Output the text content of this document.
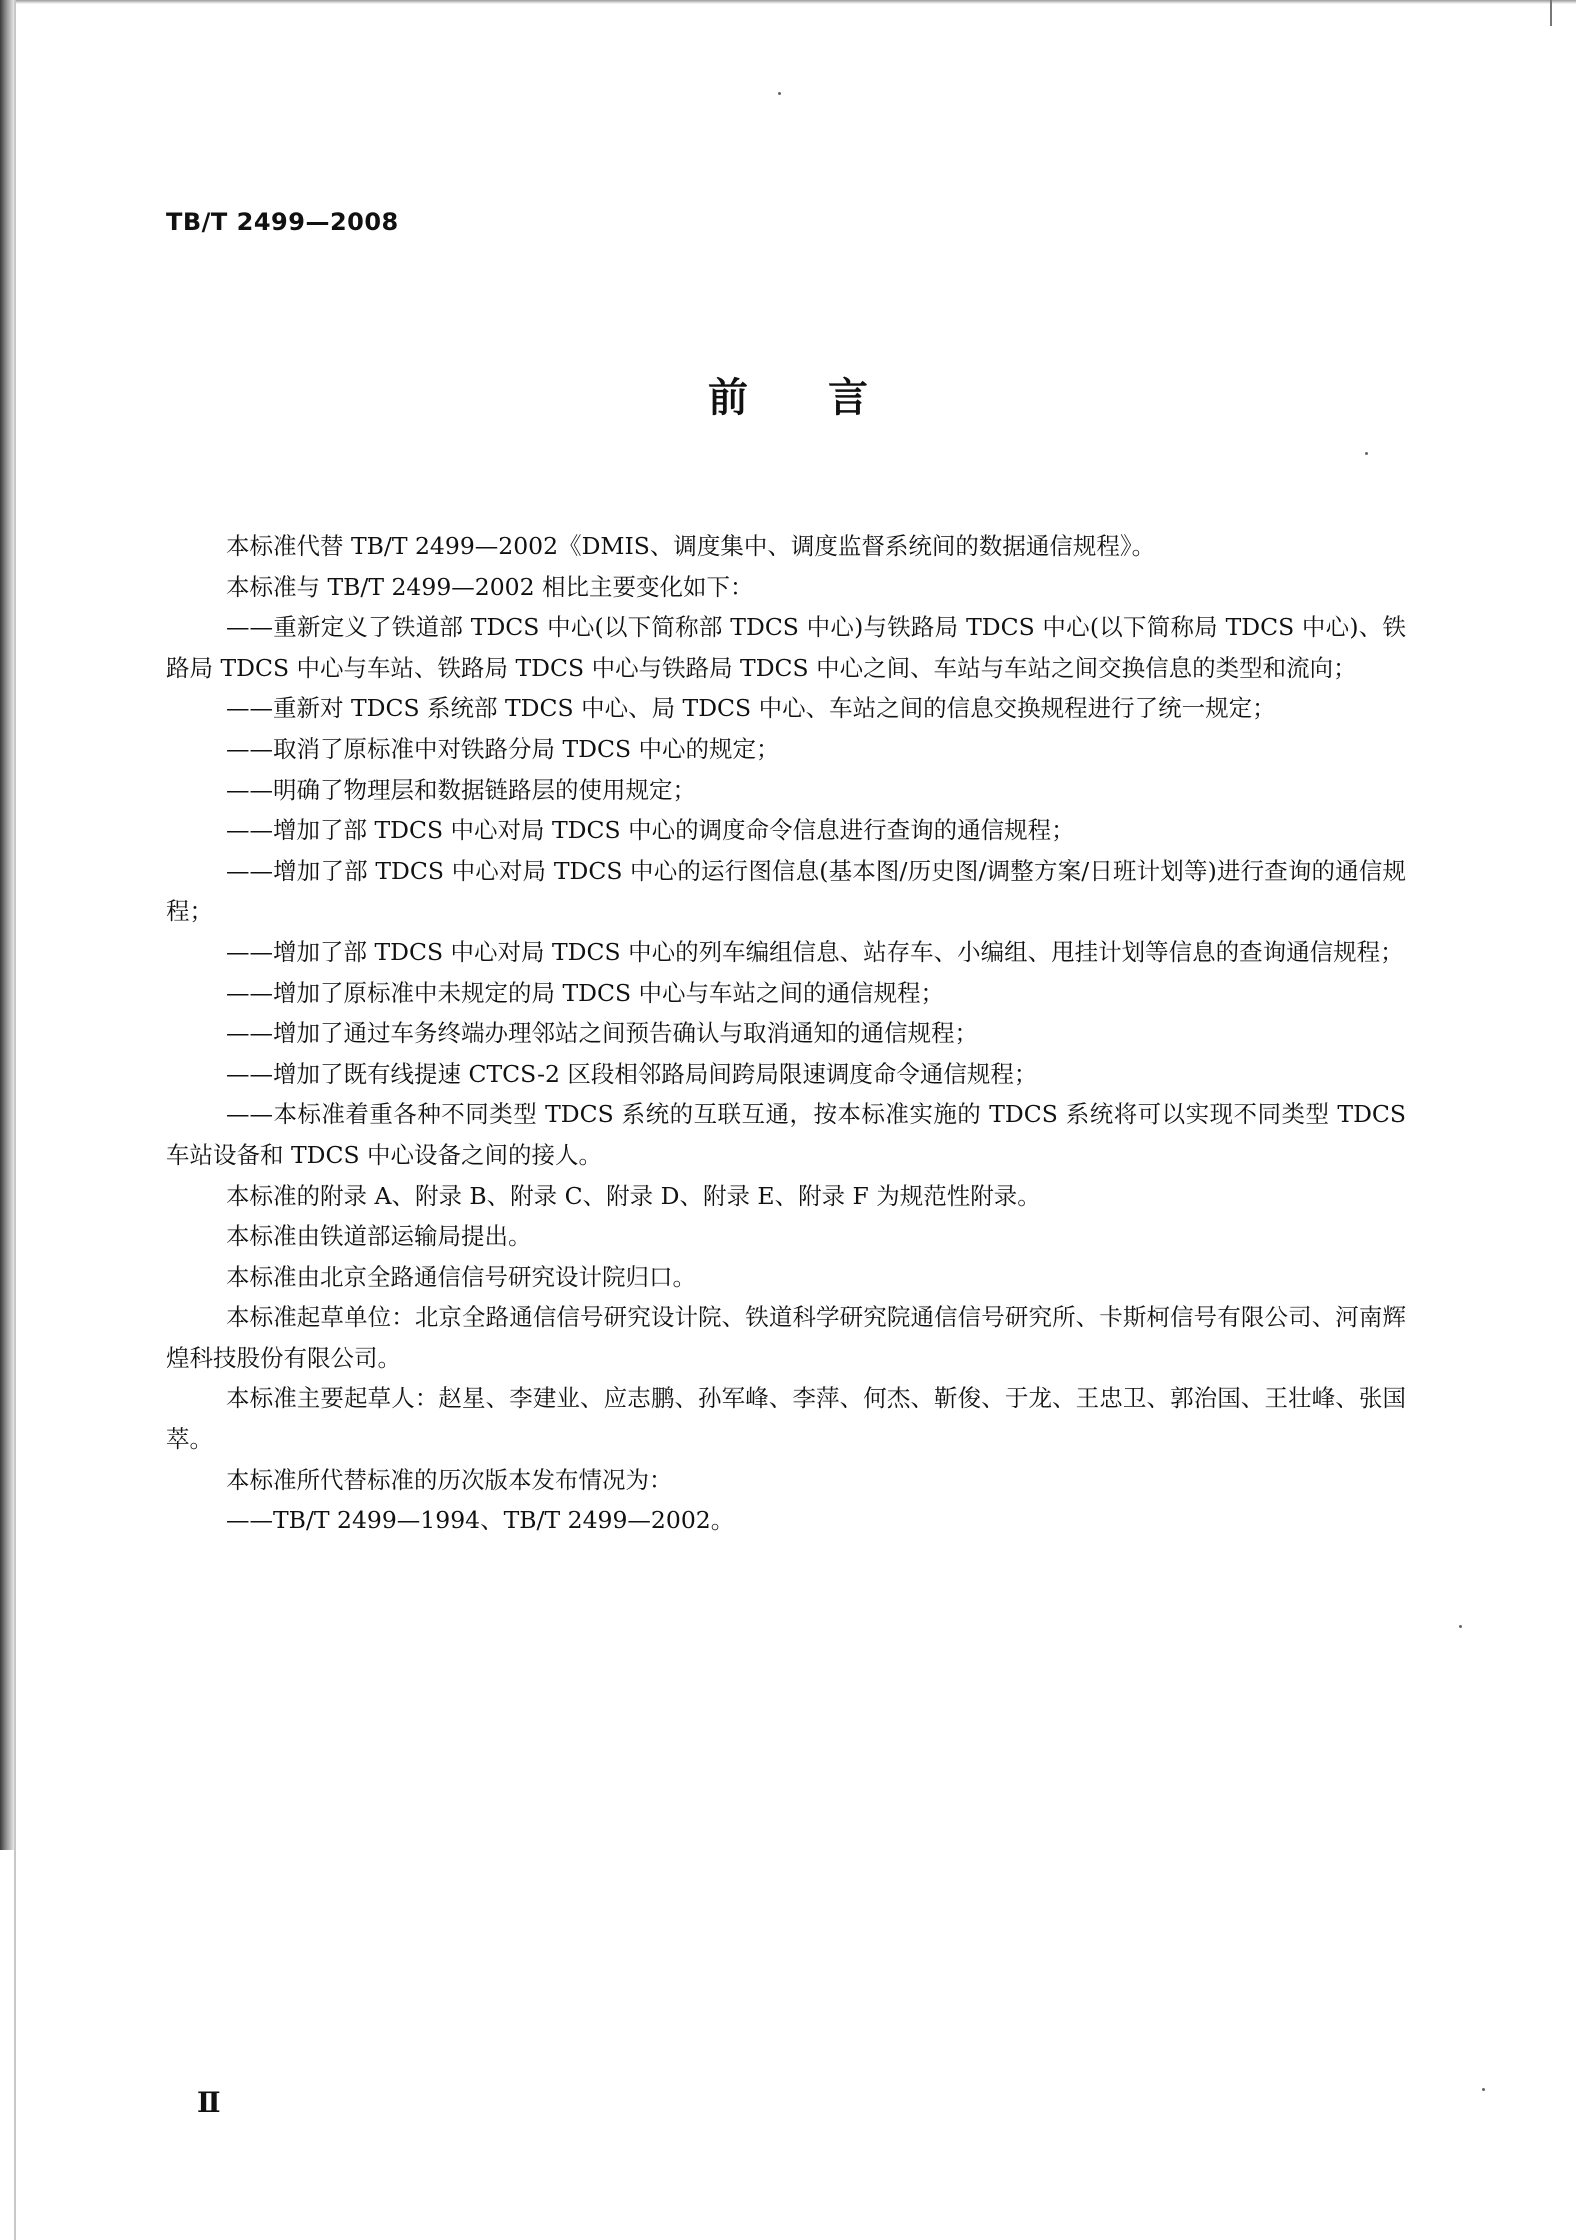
TB/T 2499—2008
前言

本标准代替 TB/T 2499—2002《DMIS、调度集中、调度监督系统间的数据通信规程》。

本标准与 TB/T 2499—2002 相比主要变化如下：

——重新定义了铁道部 TDCS 中心(以下简称部 TDCS 中心)与铁路局 TDCS 中心(以下简称局 TDCS 中心)、铁路局 TDCS 中心与车站、铁路局 TDCS 中心与铁路局 TDCS 中心之间、车站与车站之间交换信息的类型和流向；

——重新对 TDCS 系统部 TDCS 中心、局 TDCS 中心、车站之间的信息交换规程进行了统一规定；

——取消了原标准中对铁路分局 TDCS 中心的规定；

——明确了物理层和数据链路层的使用规定；

——增加了部 TDCS 中心对局 TDCS 中心的调度命令信息进行查询的通信规程；

——增加了部 TDCS 中心对局 TDCS 中心的运行图信息(基本图/历史图/调整方案/日班计划等)进行查询的通信规程；

——增加了部 TDCS 中心对局 TDCS 中心的列车编组信息、站存车、小编组、甩挂计划等信息的查询通信规程；

——增加了原标准中未规定的局 TDCS 中心与车站之间的通信规程；

——增加了通过车务终端办理邻站之间预告确认与取消通知的通信规程；

——增加了既有线提速 CTCS-2 区段相邻路局间跨局限速调度命令通信规程；

——本标准着重各种不同类型 TDCS 系统的互联互通，按本标准实施的 TDCS 系统将可以实现不同类型 TDCS 车站设备和 TDCS 中心设备之间的接人。

本标准的附录 A、附录 B、附录 C、附录 D、附录 E、附录 F 为规范性附录。

本标准由铁道部运输局提出。

本标准由北京全路通信信号研究设计院归口。

本标准起草单位：北京全路通信信号研究设计院、铁道科学研究院通信信号研究所、卡斯柯信号有限公司、河南辉煌科技股份有限公司。

本标准主要起草人：赵星、李建业、应志鹏、孙军峰、李萍、何杰、靳俊、于龙、王忠卫、郭治国、王壮峰、张国萃。

本标准所代替标准的历次版本发布情况为：

——TB/T 2499—1994、TB/T 2499—2002。

Ⅱ
